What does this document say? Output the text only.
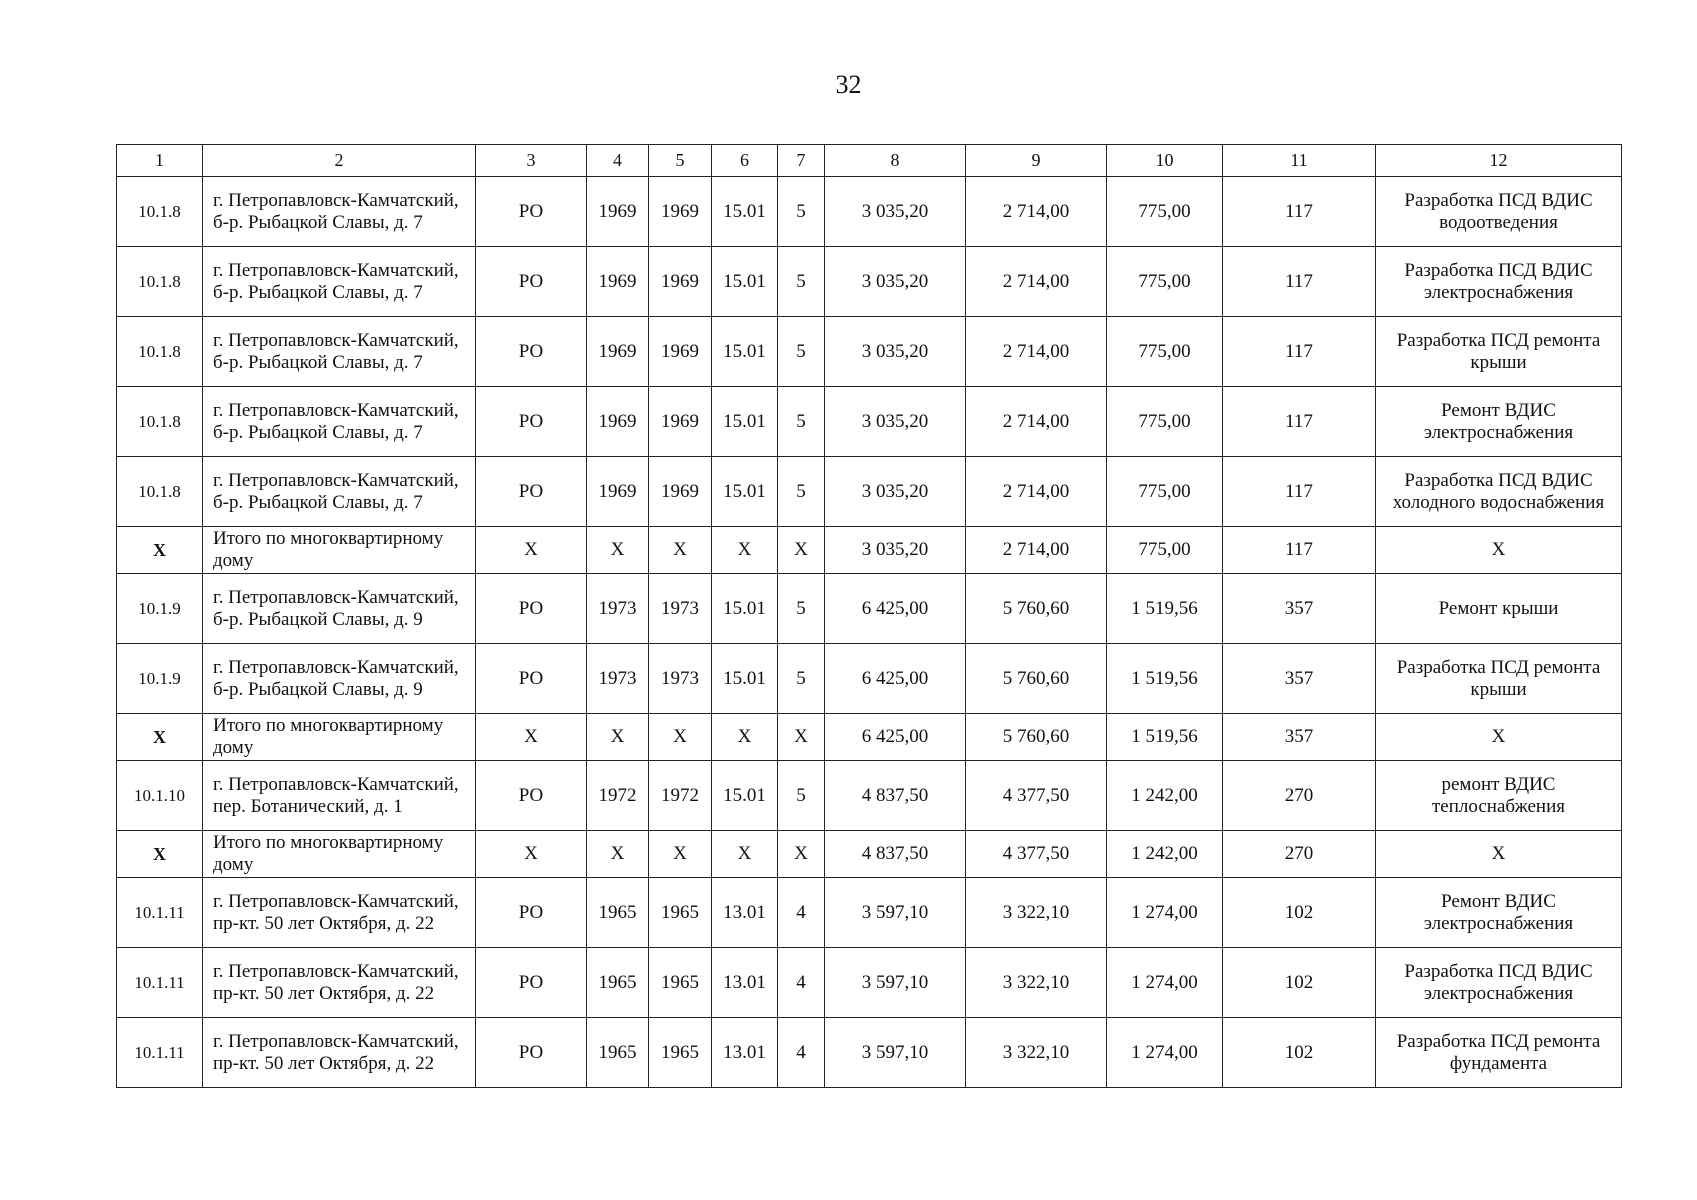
32
1	2	3	4	5	6	7	8	9	10	11	12
10.1.8	г. Петропавловск-Камчатский, б-р. Рыбацкой Славы, д. 7	РО	1969	1969	15.01	5	3 035,20	2 714,00	775,00	117	Разработка ПСД ВДИС водоотведения
10.1.8	г. Петропавловск-Камчатский, б-р. Рыбацкой Славы, д. 7	РО	1969	1969	15.01	5	3 035,20	2 714,00	775,00	117	Разработка ПСД ВДИС электроснабжения
10.1.8	г. Петропавловск-Камчатский, б-р. Рыбацкой Славы, д. 7	РО	1969	1969	15.01	5	3 035,20	2 714,00	775,00	117	Разработка ПСД ремонта крыши
10.1.8	г. Петропавловск-Камчатский, б-р. Рыбацкой Славы, д. 7	РО	1969	1969	15.01	5	3 035,20	2 714,00	775,00	117	Ремонт ВДИС электроснабжения
10.1.8	г. Петропавловск-Камчатский, б-р. Рыбацкой Славы, д. 7	РО	1969	1969	15.01	5	3 035,20	2 714,00	775,00	117	Разработка ПСД ВДИС холодного водоснабжения
Х	Итого по многоквартирному дому	Х	Х	Х	Х	Х	3 035,20	2 714,00	775,00	117	Х
10.1.9	г. Петропавловск-Камчатский, б-р. Рыбацкой Славы, д. 9	РО	1973	1973	15.01	5	6 425,00	5 760,60	1 519,56	357	Ремонт крыши
10.1.9	г. Петропавловск-Камчатский, б-р. Рыбацкой Славы, д. 9	РО	1973	1973	15.01	5	6 425,00	5 760,60	1 519,56	357	Разработка ПСД ремонта крыши
Х	Итого по многоквартирному дому	Х	Х	Х	Х	Х	6 425,00	5 760,60	1 519,56	357	Х
10.1.10	г. Петропавловск-Камчатский, пер. Ботанический, д. 1	РО	1972	1972	15.01	5	4 837,50	4 377,50	1 242,00	270	ремонт ВДИС теплоснабжения
Х	Итого по многоквартирному дому	Х	Х	Х	Х	Х	4 837,50	4 377,50	1 242,00	270	Х
10.1.11	г. Петропавловск-Камчатский, пр-кт. 50 лет Октября, д. 22	РО	1965	1965	13.01	4	3 597,10	3 322,10	1 274,00	102	Ремонт ВДИС электроснабжения
10.1.11	г. Петропавловск-Камчатский, пр-кт. 50 лет Октября, д. 22	РО	1965	1965	13.01	4	3 597,10	3 322,10	1 274,00	102	Разработка ПСД ВДИС электроснабжения
10.1.11	г. Петропавловск-Камчатский, пр-кт. 50 лет Октября, д. 22	РО	1965	1965	13.01	4	3 597,10	3 322,10	1 274,00	102	Разработка ПСД ремонта фундамента
